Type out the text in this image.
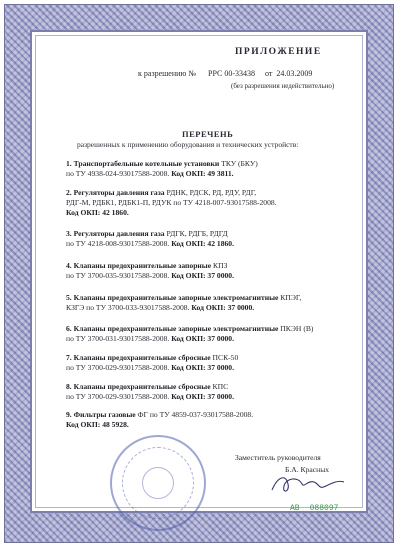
ПРИЛОЖЕНИЕ
к разрешению № РРС 00-33438 от 24.03.2009
(без разрешения недействительно)
ПЕРЕЧЕНЬ
разрешенных к применению оборудования и технических устройств:
1. Транспортабельные котельные установки ТКУ (БКУ)
по ТУ 4938-024-93017588-2008. Код ОКП: 49 3811.
2. Регуляторы давления газа РДНК, РДСК, РД, РДУ, РДГ,
РДГ-М, РДБК1, РДБК1-П, РДУК по ТУ 4218-007-93017588-2008.
Код ОКП: 42 1860.
3. Регуляторы давления газа РДГК, РДГБ, РДГД
по ТУ 4218-008-93017588-2008. Код ОКП: 42 1860.
4. Клапаны предохранительные запорные КПЗ
по ТУ 3700-035-93017588-2008. Код ОКП: 37 0000.
5. Клапаны предохранительные запорные электромагнитные КПЭГ,
КЗГЭ по ТУ 3700-033-93017588-2008. Код ОКП: 37 0000.
6. Клапаны предохранительные запорные электромагнитные ПКЭН (В)
по ТУ 3700-031-93017588-2008. Код ОКП: 37 0000.
7. Клапаны предохранительные сбросные ПСК-50
по ТУ 3700-029-93017588-2008. Код ОКП: 37 0000.
8. Клапаны предохранительные сбросные КПС
по ТУ 3700-029-93017588-2008. Код ОКП: 37 0000.
9. Фильтры газовые ФГ по ТУ 4859-037-93017588-2008.
Код ОКП: 48 5928.
Заместитель руководителя
Б.А. Красных
АВ 088097
